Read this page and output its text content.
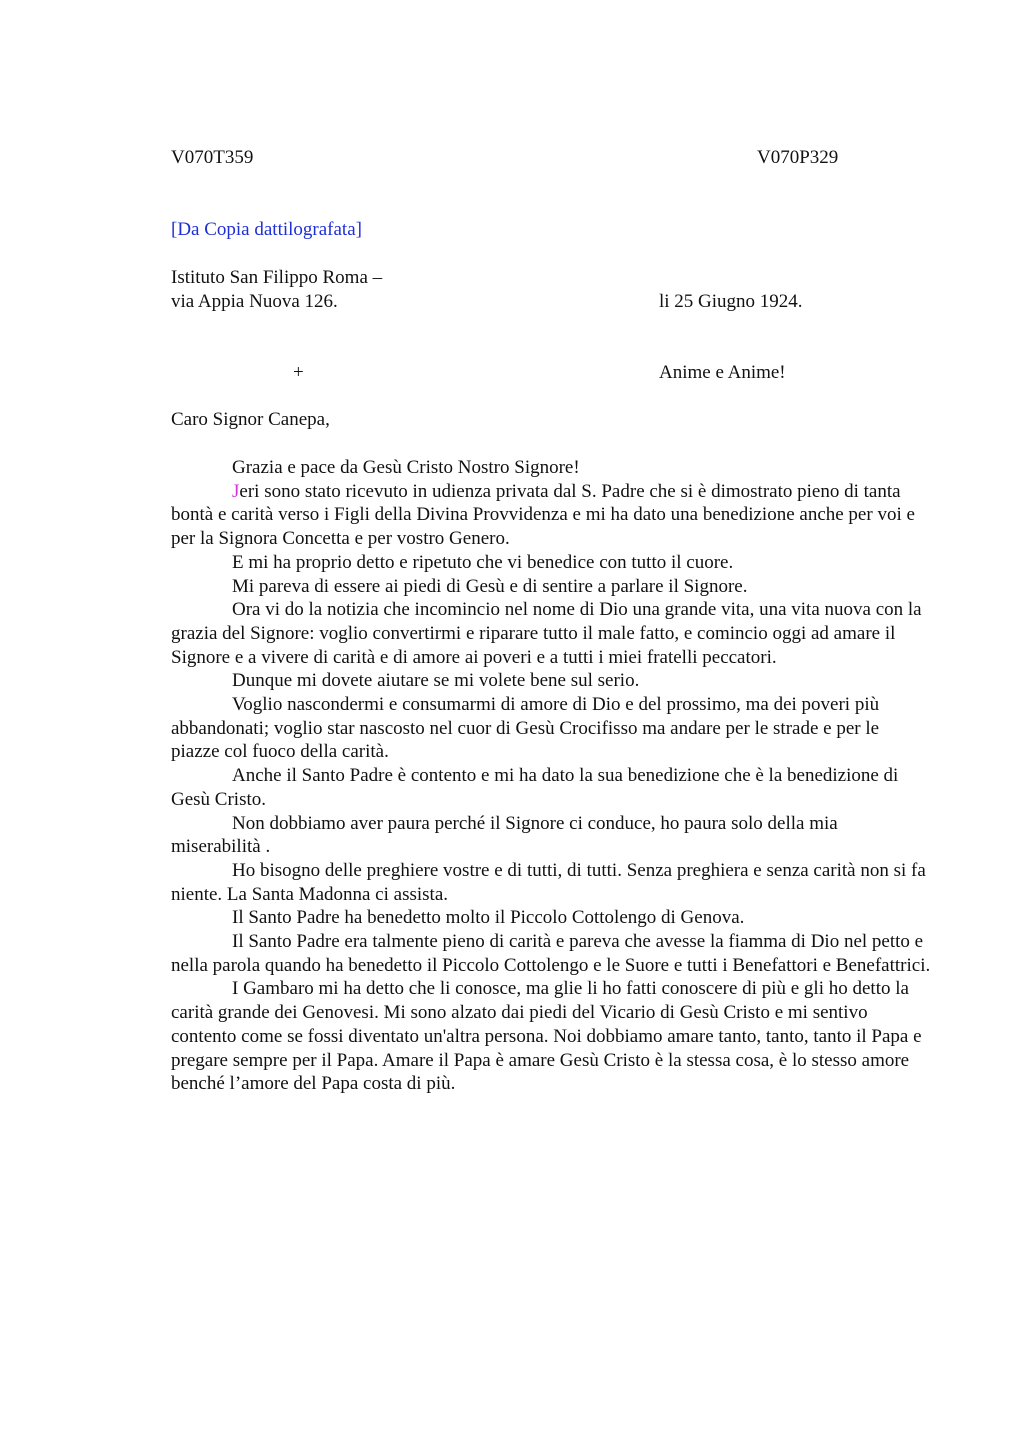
V070T359	V070P329
[Da Copia dattilografata]
Istituto San Filippo Roma –
via Appia Nuova 126.	li 25 Giugno 1924.
+	Anime e Anime!
Caro Signor Canepa,

Grazia e pace da Gesù Cristo Nostro Signore!

Jeri sono stato ricevuto in udienza privata dal S. Padre che si è dimostrato pieno di tanta bontà e carità verso i Figli della Divina Provvidenza e mi ha dato una benedizione anche per voi e per la Signora Concetta e per vostro Genero.

E mi ha proprio detto e ripetuto che vi benedice con tutto il cuore.

Mi pareva di essere ai piedi di Gesù e di sentire a parlare il Signore.

Ora vi do la notizia che incomincio nel nome di Dio una grande vita, una vita nuova con la grazia del Signore: voglio convertirmi e riparare tutto il male fatto, e comincio oggi ad amare il Signore e a vivere di carità e di amore ai poveri e a tutti i miei fratelli peccatori.

Dunque mi dovete aiutare se mi volete bene sul serio.

Voglio nascondermi e consumarmi di amore di Dio e del prossimo, ma dei poveri più abbandonati; voglio star nascosto nel cuor di Gesù Crocifisso ma andare per le strade e per le piazze col fuoco della carità.

Anche il Santo Padre è contento e mi ha dato la sua benedizione che è la benedizione di Gesù Cristo.

Non dobbiamo aver paura perché il Signore ci conduce, ho paura solo della mia miserabilità .

Ho bisogno delle preghiere vostre e di tutti, di tutti. Senza preghiera e senza carità non si fa niente. La Santa Madonna ci assista.

Il Santo Padre ha benedetto molto il Piccolo Cottolengo di Genova.

Il Santo Padre era talmente pieno di carità e pareva che avesse la fiamma di Dio nel petto e nella parola quando ha benedetto il Piccolo Cottolengo e le Suore e tutti i Benefattori e Benefattrici.

I Gambaro mi ha detto che li conosce, ma glie li ho fatti conoscere di più e gli ho detto la carità grande dei Genovesi. Mi sono alzato dai piedi del Vicario di Gesù Cristo e mi sentivo contento come se fossi diventato un'altra persona. Noi dobbiamo amare tanto, tanto, tanto il Papa e pregare sempre per il Papa. Amare il Papa è amare Gesù Cristo è la stessa cosa, è lo stesso amore benché l’amore del Papa costa di più.
